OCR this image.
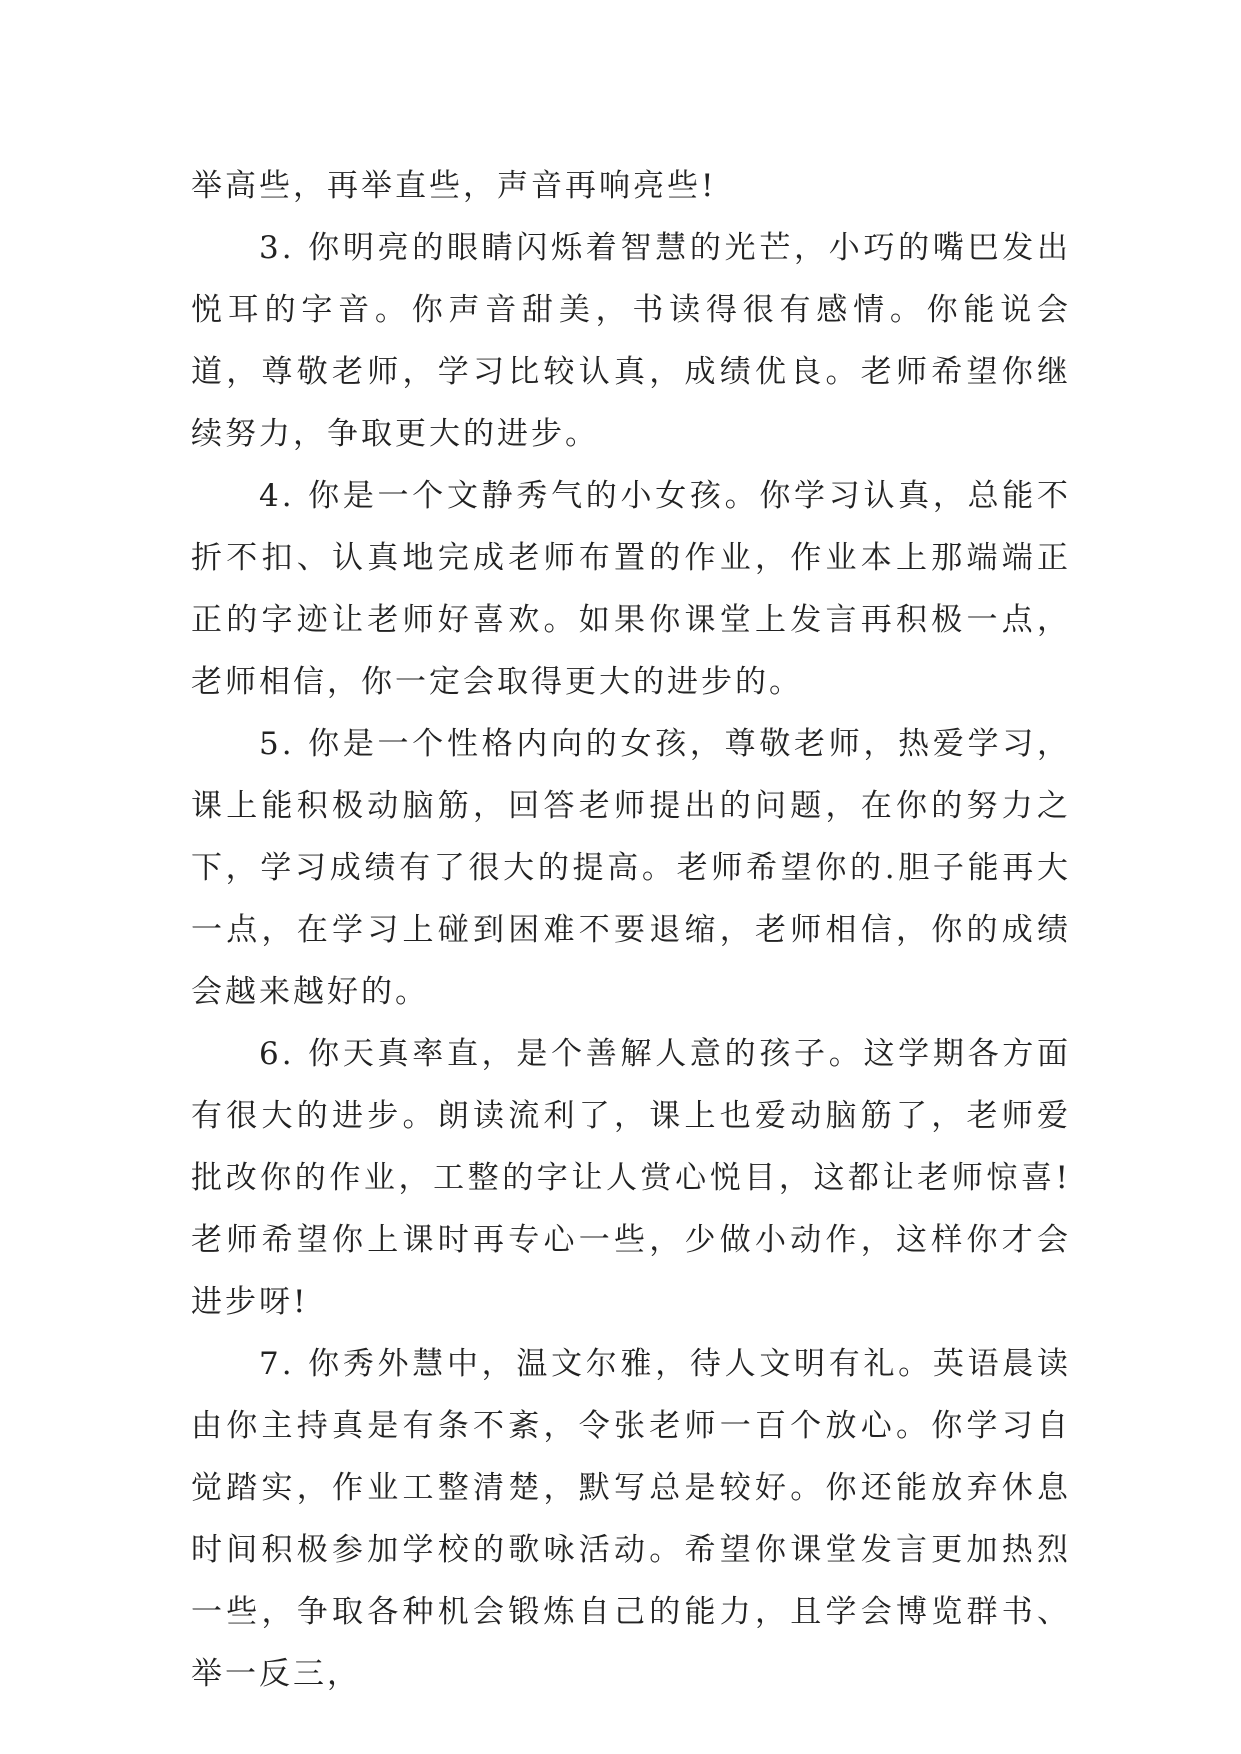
举高些，再举直些，声音再响亮些!

3. 你明亮的眼睛闪烁着智慧的光芒，小巧的嘴巴发出悦耳的字音。你声音甜美，书读得很有感情。你能说会道，尊敬老师，学习比较认真，成绩优良。老师希望你继续努力，争取更大的进步。

4. 你是一个文静秀气的小女孩。你学习认真，总能不折不扣、认真地完成老师布置的作业，作业本上那端端正正的字迹让老师好喜欢。如果你课堂上发言再积极一点，老师相信，你一定会取得更大的进步的。

5. 你是一个性格内向的女孩，尊敬老师，热爱学习，课上能积极动脑筋，回答老师提出的问题，在你的努力之下，学习成绩有了很大的提高。老师希望你的.胆子能再大一点，在学习上碰到困难不要退缩，老师相信，你的成绩会越来越好的。

6. 你天真率直，是个善解人意的孩子。这学期各方面有很大的进步。朗读流利了，课上也爱动脑筋了，老师爱批改你的作业，工整的字让人赏心悦目，这都让老师惊喜!老师希望你上课时再专心一些，少做小动作，这样你才会进步呀!

7. 你秀外慧中，温文尔雅，待人文明有礼。英语晨读由你主持真是有条不紊，令张老师一百个放心。你学习自觉踏实，作业工整清楚，默写总是较好。你还能放弃休息时间积极参加学校的歌咏活动。希望你课堂发言更加热烈一些，争取各种机会锻炼自己的能力，且学会博览群书、举一反三，
